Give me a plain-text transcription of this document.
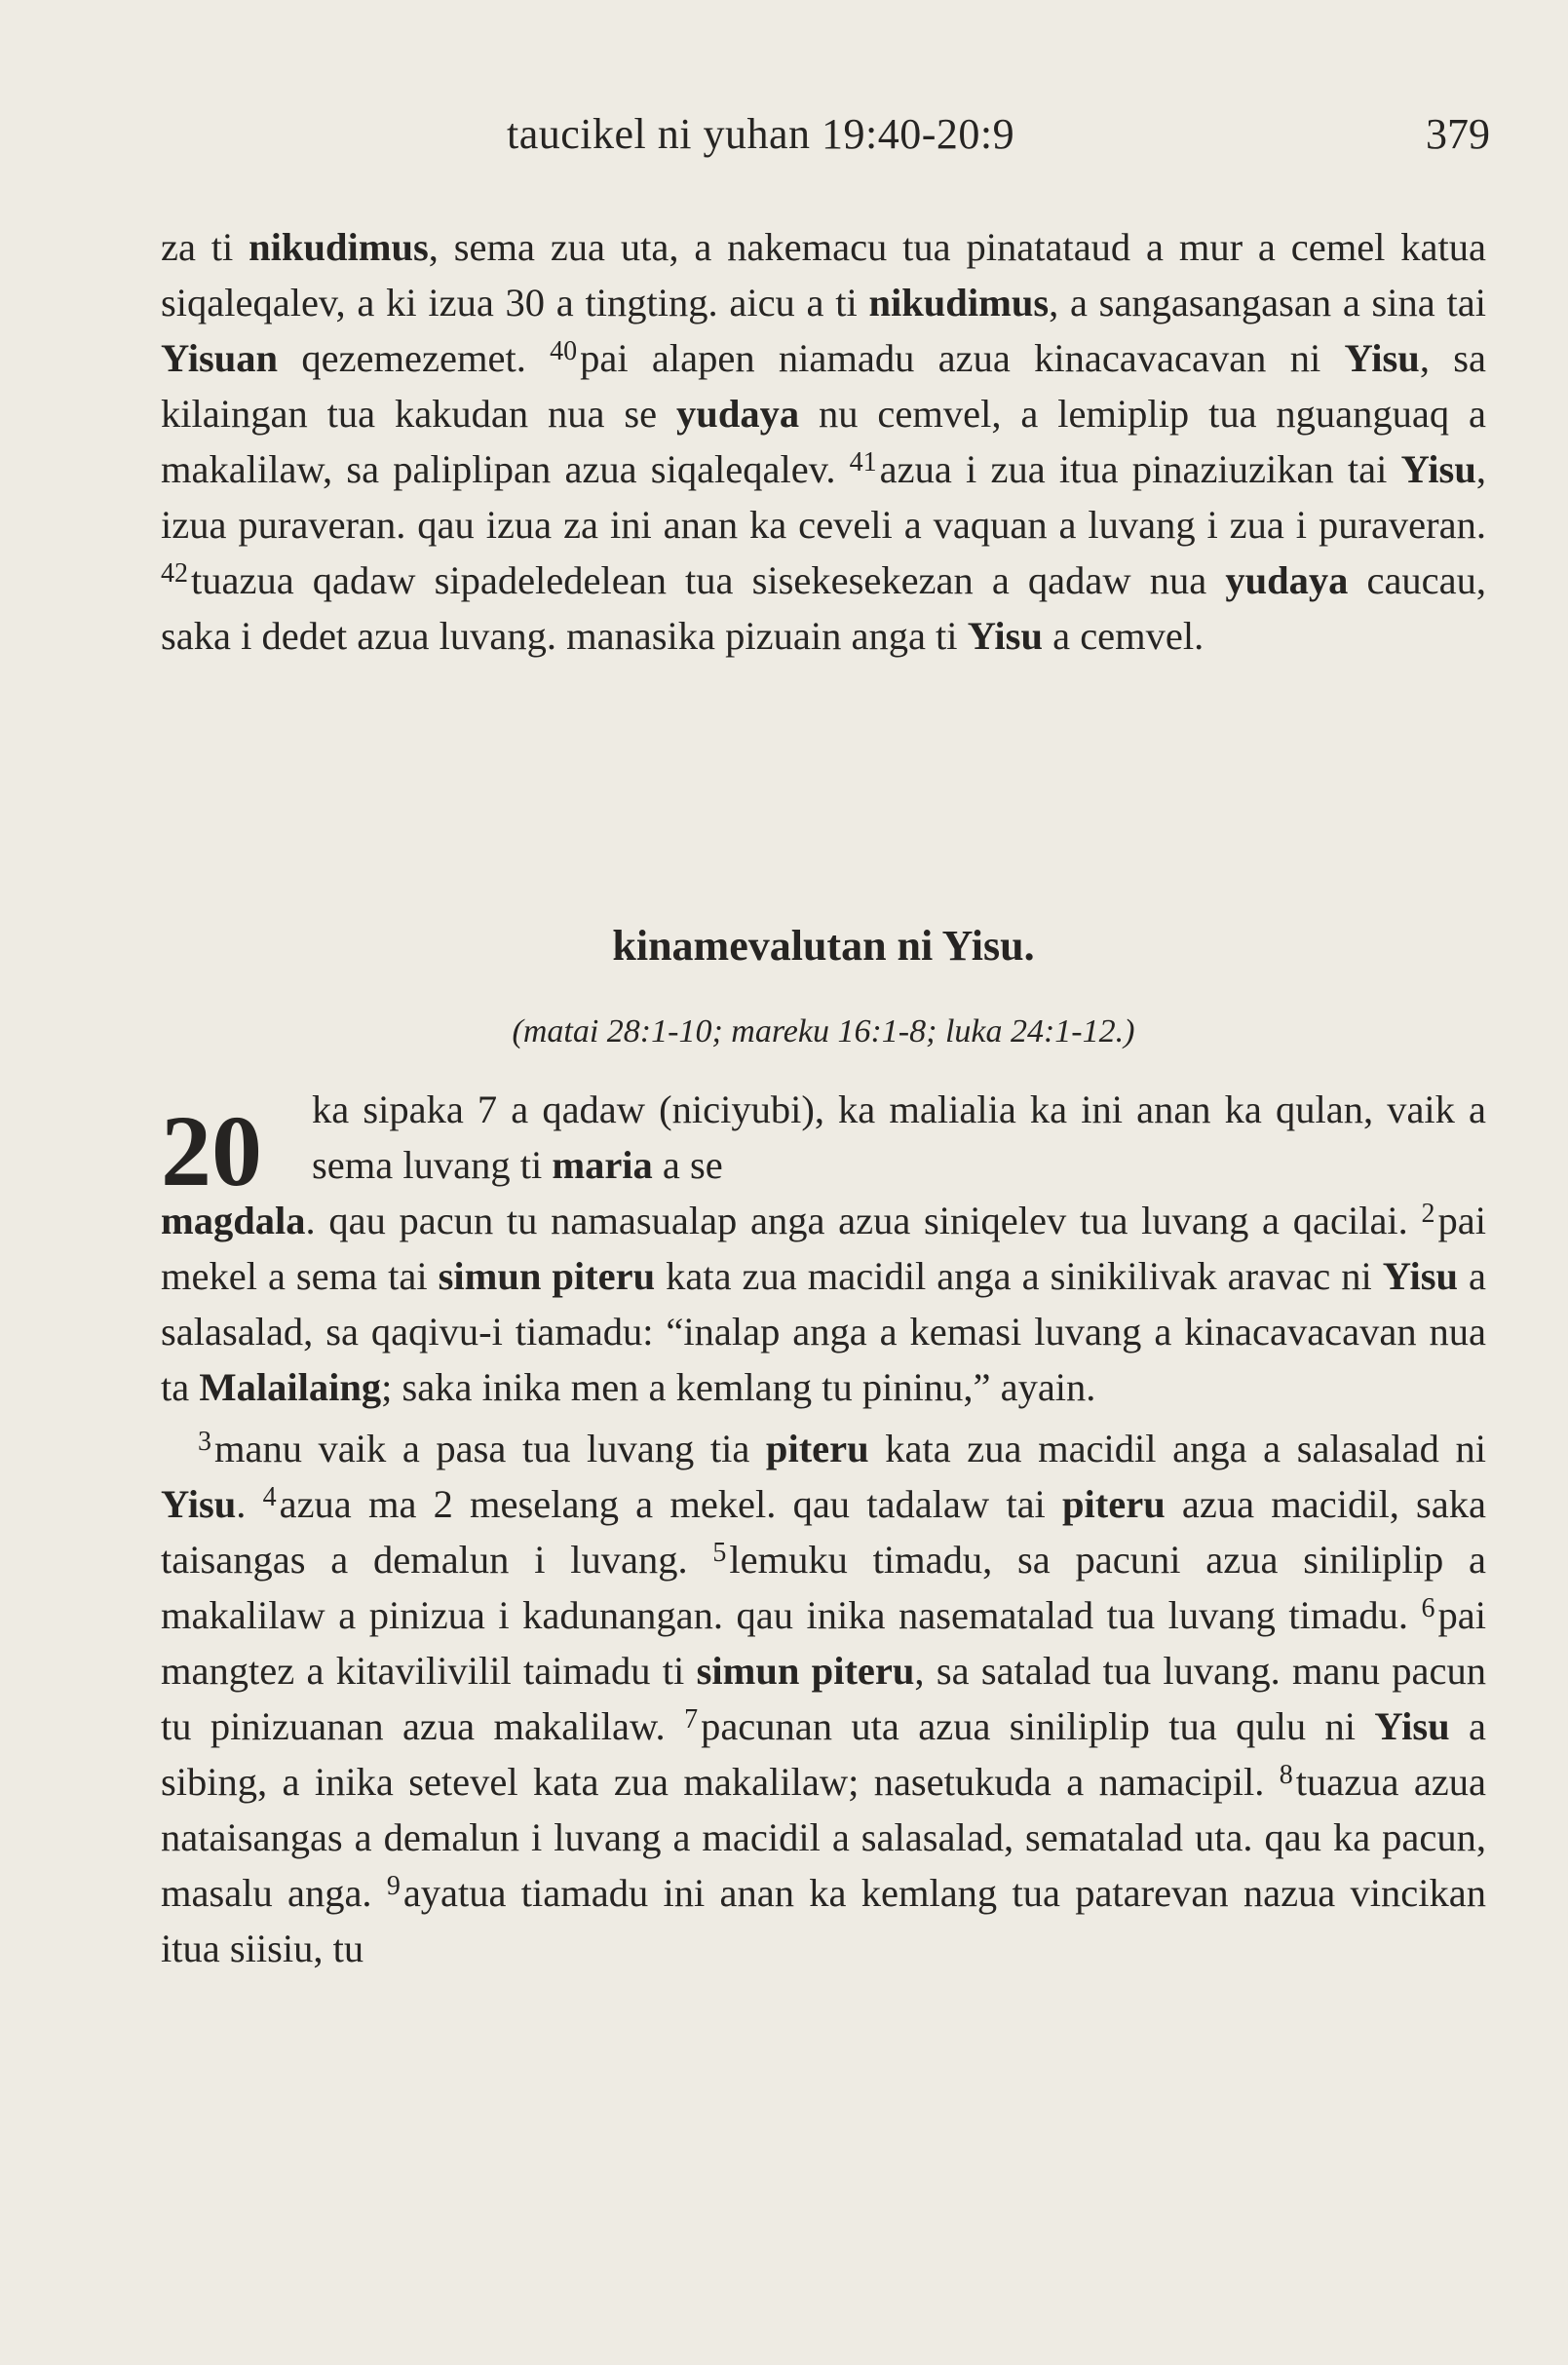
taucikel ni yuhan 19:40-20:9	379

za ti nikudimus, sema zua uta, a nakemacu tua pinatataud a mur a cemel katua siqaleqalev, a ki izua 30 a tingting. aicu a ti nikudimus, a sangasangasan a sina tai Yisuan qezemezemet. $^{40}$pai alapen niamadu azua kinacavacavan ni Yisu, sa kilaingan tua kakudan nua se yudaya nu cemvel, a lemiplip tua nguanguaq a makalilaw, sa paliplipan azua siqaleqalev. $^{41}$azua i zua itua pinaziuzikan tai Yisu, izua puraveran. qau izua za ini anan ka ceveli a vaquan a luvang i zua i puraveran. $^{42}$tuazua qadaw sipadeledelean tua sisekesekezan a qadaw nua yudaya caucau, saka i dedet azua luvang. manasika pizuain anga ti Yisu a cemvel.

kinamevalutan ni Yisu.
(matai 28:1-10; mareku 16:1-8; luka 24:1-12.)
20 ka sipaka 7 a qadaw (niciyubi), ka malialia ka ini anan ka qulan, vaik a sema luvang ti maria a se

magdala. qau pacun tu namasualap anga azua siniqelev tua luvang a qacilai. $^2$pai mekel a sema tai simun piteru kata zua macidil anga a sinikilivak aravac ni Yisu a salasalad, sa qaqivu-i tiamadu: “inalap anga a kemasi luvang a kinacavacavan nua ta Malailaing; saka inika men a kemlang tu pininu,” ayain.

$^3$manu vaik a pasa tua luvang tia piteru kata zua macidil anga a salasalad ni Yisu. $^4$azua ma 2 meselang a mekel. qau tadalaw tai piteru azua macidil, saka taisangas a demalun i luvang. $^5$lemuku timadu, sa pacuni azua siniliplip a makalilaw a pinizua i kadunangan. qau inika nasematalad tua luvang timadu. $^6$pai mangtez a kitavilivilil taimadu ti simun piteru, sa satalad tua luvang. manu pacun tu pinizuanan azua makalilaw. $^7$pacunan uta azua siniliplip tua qulu ni Yisu a sibing, a inika setevel kata zua makalilaw; nasetukuda a namacipil. $^8$tuazua azua nataisangas a demalun i luvang a macidil a salasalad, sematalad uta. qau ka pacun, masalu anga. $^9$ayatua tiamadu ini anan ka kemlang tua patarevan nazua vincikan itua siisiu, tu
